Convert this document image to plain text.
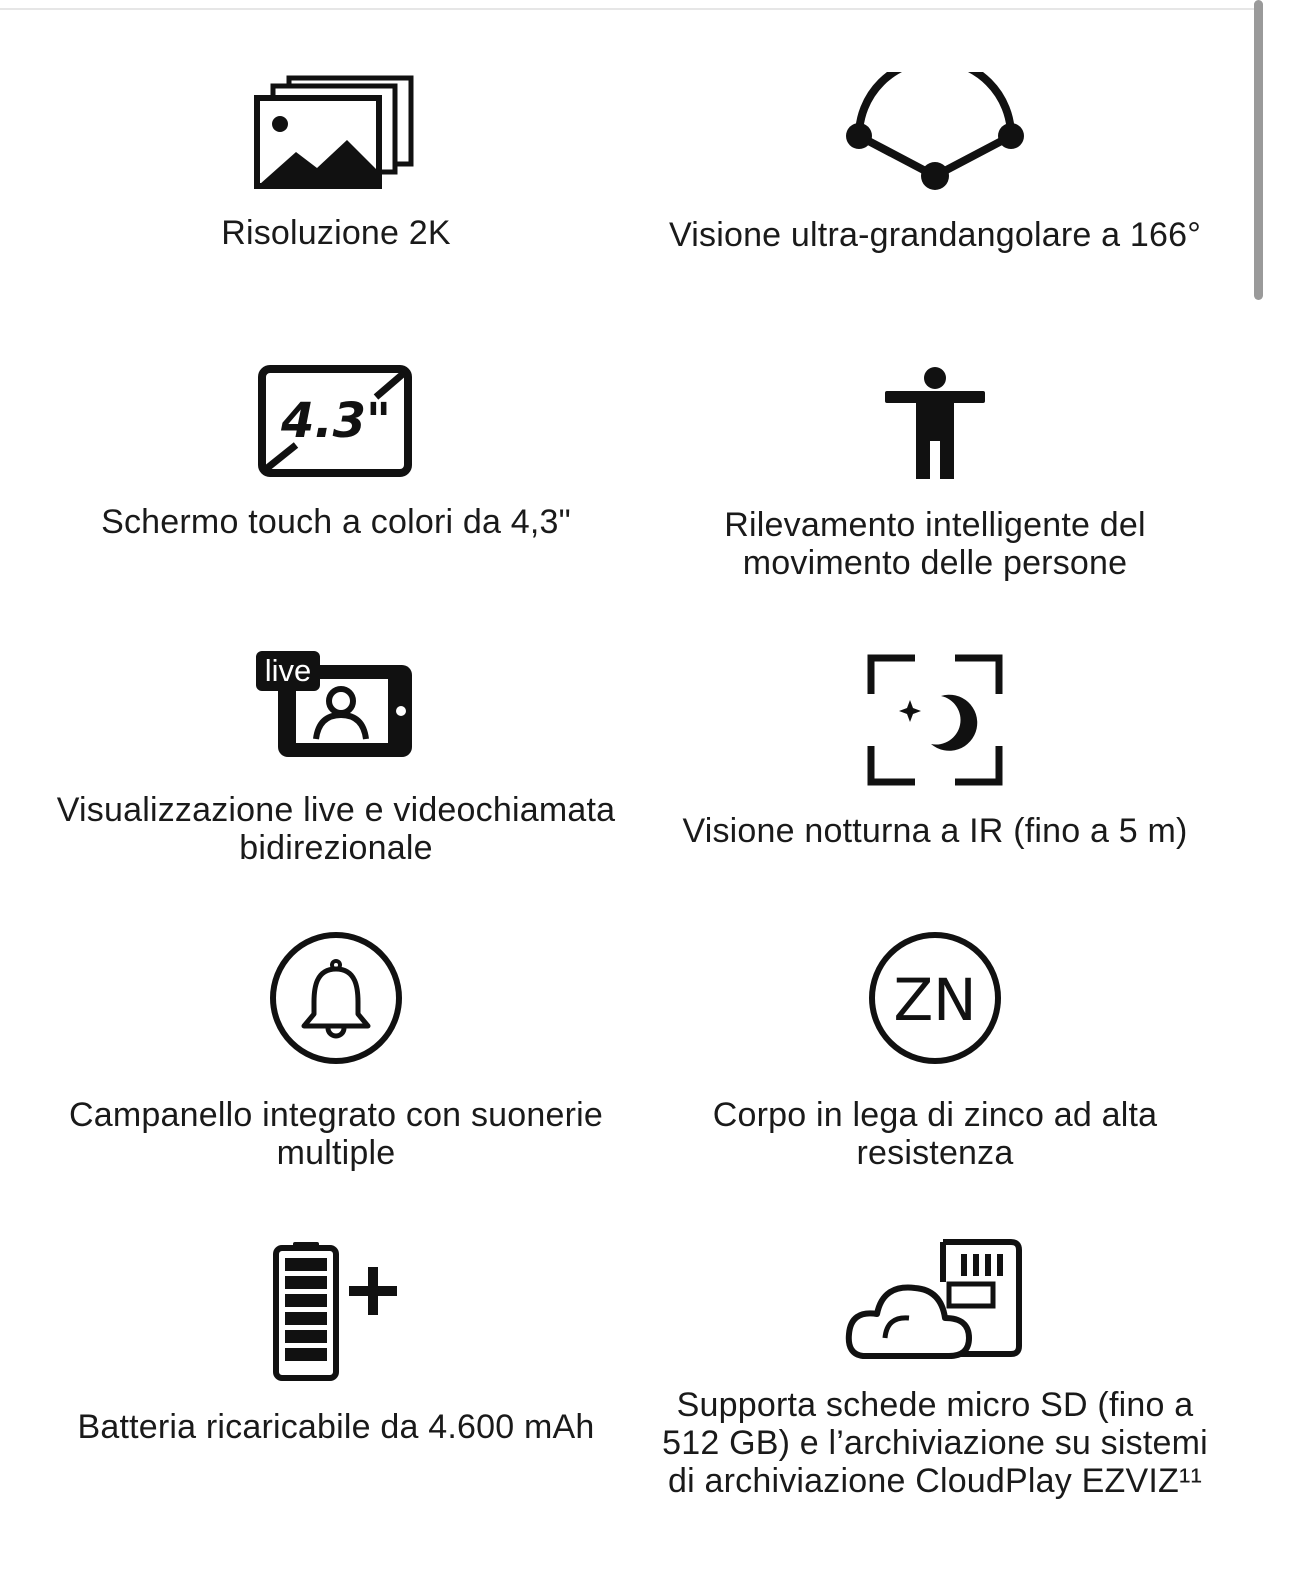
Risoluzione 2K	Visione ultra-grandangolare a 166°
4.3"
Schermo touch a colori da 4,3"	Rilevamento intelligente del movimento delle persone
live
Visualizzazione live e videochiamata bidirezionale	Visione notturna a IR (fino a 5 m)
Campanello integrato con suonerie multiple
ZN
Corpo in lega di zinco ad alta resistenza
Batteria ricaricabile da 4.600 mAh
Supporta schede micro SD (fino a 512 GB) e l’archiviazione su sistemi di archiviazione CloudPlay EZVIZ¹¹
